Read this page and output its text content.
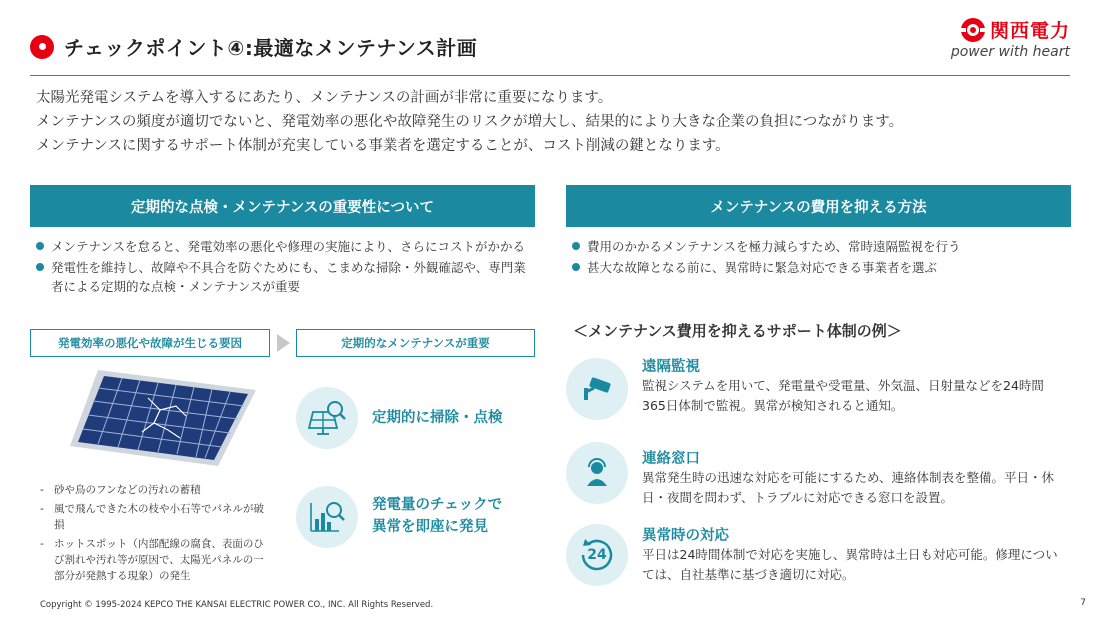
チェックポイント④:最適なメンテナンス計画
関西電力
power with heart
太陽光発電システムを導入するにあたり、メンテナンスの計画が非常に重要になります。
メンテナンスの頻度が適切でないと、発電効率の悪化や故障発生のリスクが増大し、結果的により大きな企業の負担につながります。
メンテナンスに関するサポート体制が充実している事業者を選定することが、コスト削減の鍵となります。
定期的な点検・メンテナンスの重要性について
メンテナンスを怠ると、発電効率の悪化や修理の実施により、さらにコストがかかる
発電性を維持し、故障や不具合を防ぐためにも、こまめな掃除・外観確認や、専門業者による定期的な点検・メンテナンスが重要
発電効率の悪化や故障が生じる要因	定期的なメンテナンスが重要
- 砂や鳥のフンなどの汚れの蓄積
- 風で飛んできた木の枝や小石等でパネルが破損
- ホットスポット（内部配線の腐食、表面のひび割れや汚れ等が原因で、太陽光パネルの一部分が発熱する現象）の発生
定期的に掃除・点検
発電量のチェックで
異常を即座に発見
メンテナンスの費用を抑える方法
費用のかかるメンテナンスを極力減らすため、常時遠隔監視を行う
甚大な故障となる前に、異常時に緊急対応できる事業者を選ぶ
＜メンテナンス費用を抑えるサポート体制の例＞
遠隔監視
監視システムを用いて、発電量や受電量、外気温、日射量などを24時間365日体制で監視。異常が検知されると通知。
連絡窓口
異常発生時の迅速な対応を可能にするため、連絡体制表を整備。平日・休日・夜間を問わず、トラブルに対応できる窓口を設置。
24
異常時の対応
平日は24時間体制で対応を実施し、異常時は土日も対応可能。修理については、自社基準に基づき適切に対応。
Copyright © 1995-2024 KEPCO THE KANSAI ELECTRIC POWER CO., INC. All Rights Reserved.	7
